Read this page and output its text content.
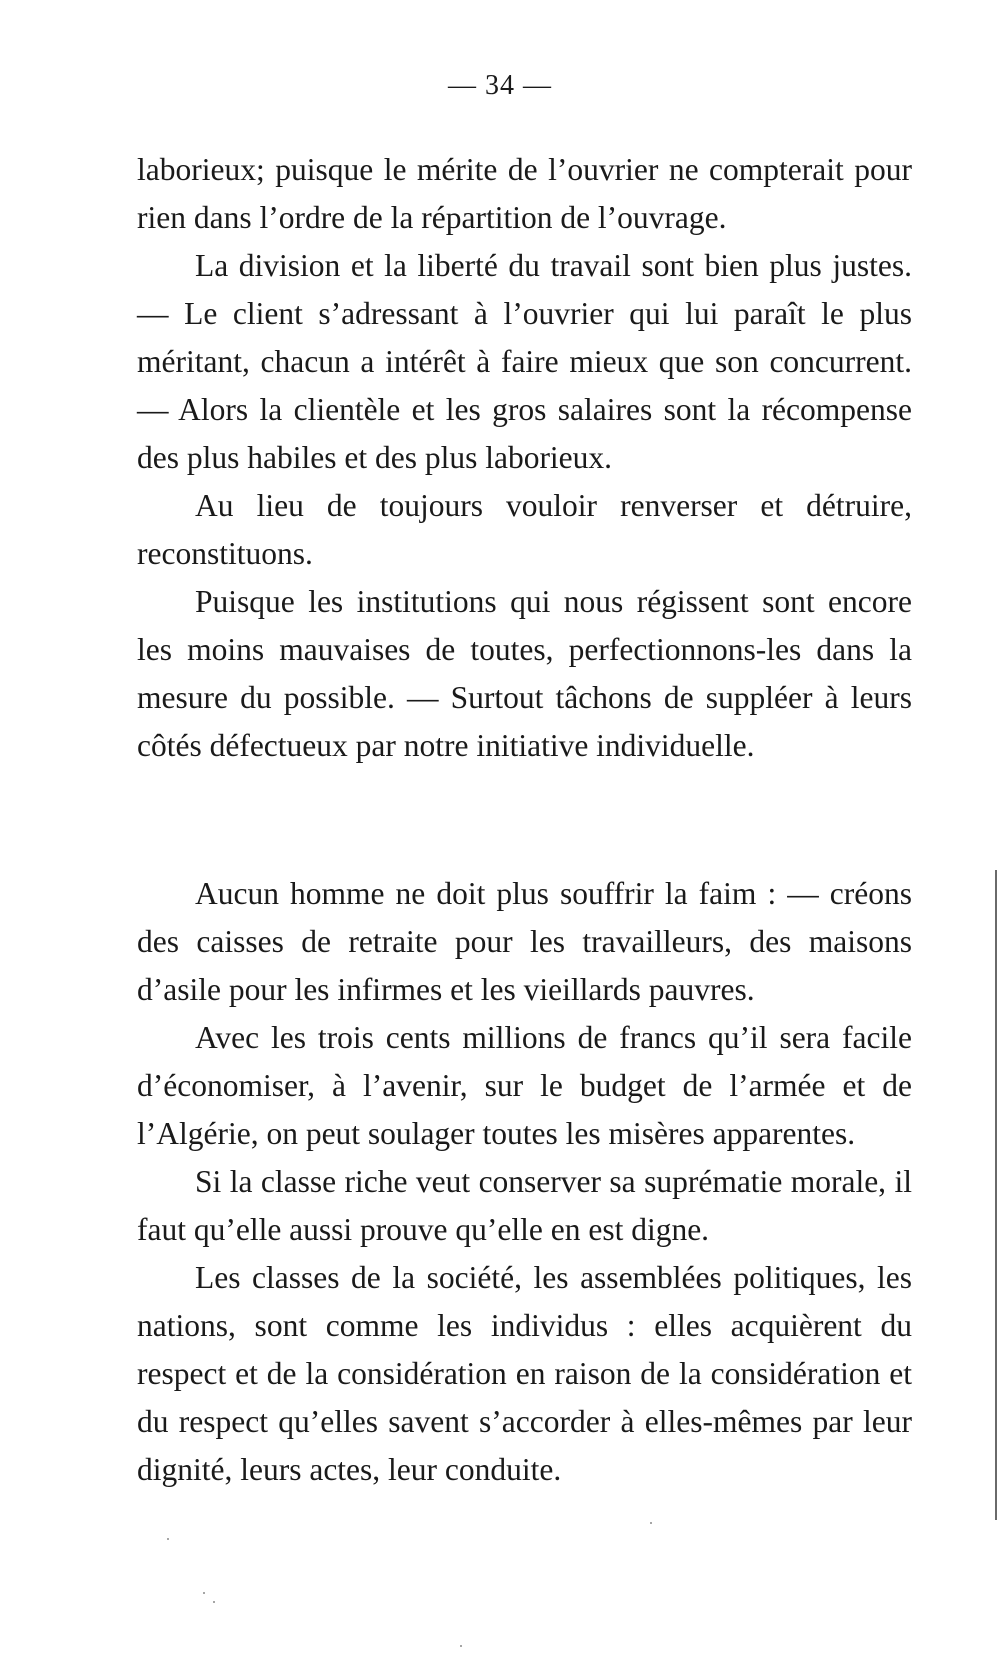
— 34 —

laborieux; puisque le mérite de l’ouvrier ne compterait pour rien dans l’ordre de la répartition de l’ouvrage.

La division et la liberté du travail sont bien plus justes. — Le client s’adressant à l’ouvrier qui lui paraît le plus méritant, chacun a intérêt à faire mieux que son concurrent. — Alors la clientèle et les gros salaires sont la récompense des plus habiles et des plus laborieux.

Au lieu de toujours vouloir renverser et détruire, reconstituons.

Puisque les institutions qui nous régissent sont encore les moins mauvaises de toutes, perfectionnons-les dans la mesure du possible. — Surtout tâchons de suppléer à leurs côtés défectueux par notre initiative individuelle.

Aucun homme ne doit plus souffrir la faim : — créons des caisses de retraite pour les travailleurs, des maisons d’asile pour les infirmes et les vieillards pauvres.

Avec les trois cents millions de francs qu’il sera facile d’économiser, à l’avenir, sur le budget de l’armée et de l’Algérie, on peut soulager toutes les misères apparentes.

Si la classe riche veut conserver sa suprématie morale, il faut qu’elle aussi prouve qu’elle en est digne.

Les classes de la société, les assemblées politiques, les nations, sont comme les individus : elles acquièrent du respect et de la considération en raison de la considération et du respect qu’elles savent s’accorder à elles-mêmes par leur dignité, leurs actes, leur conduite.
